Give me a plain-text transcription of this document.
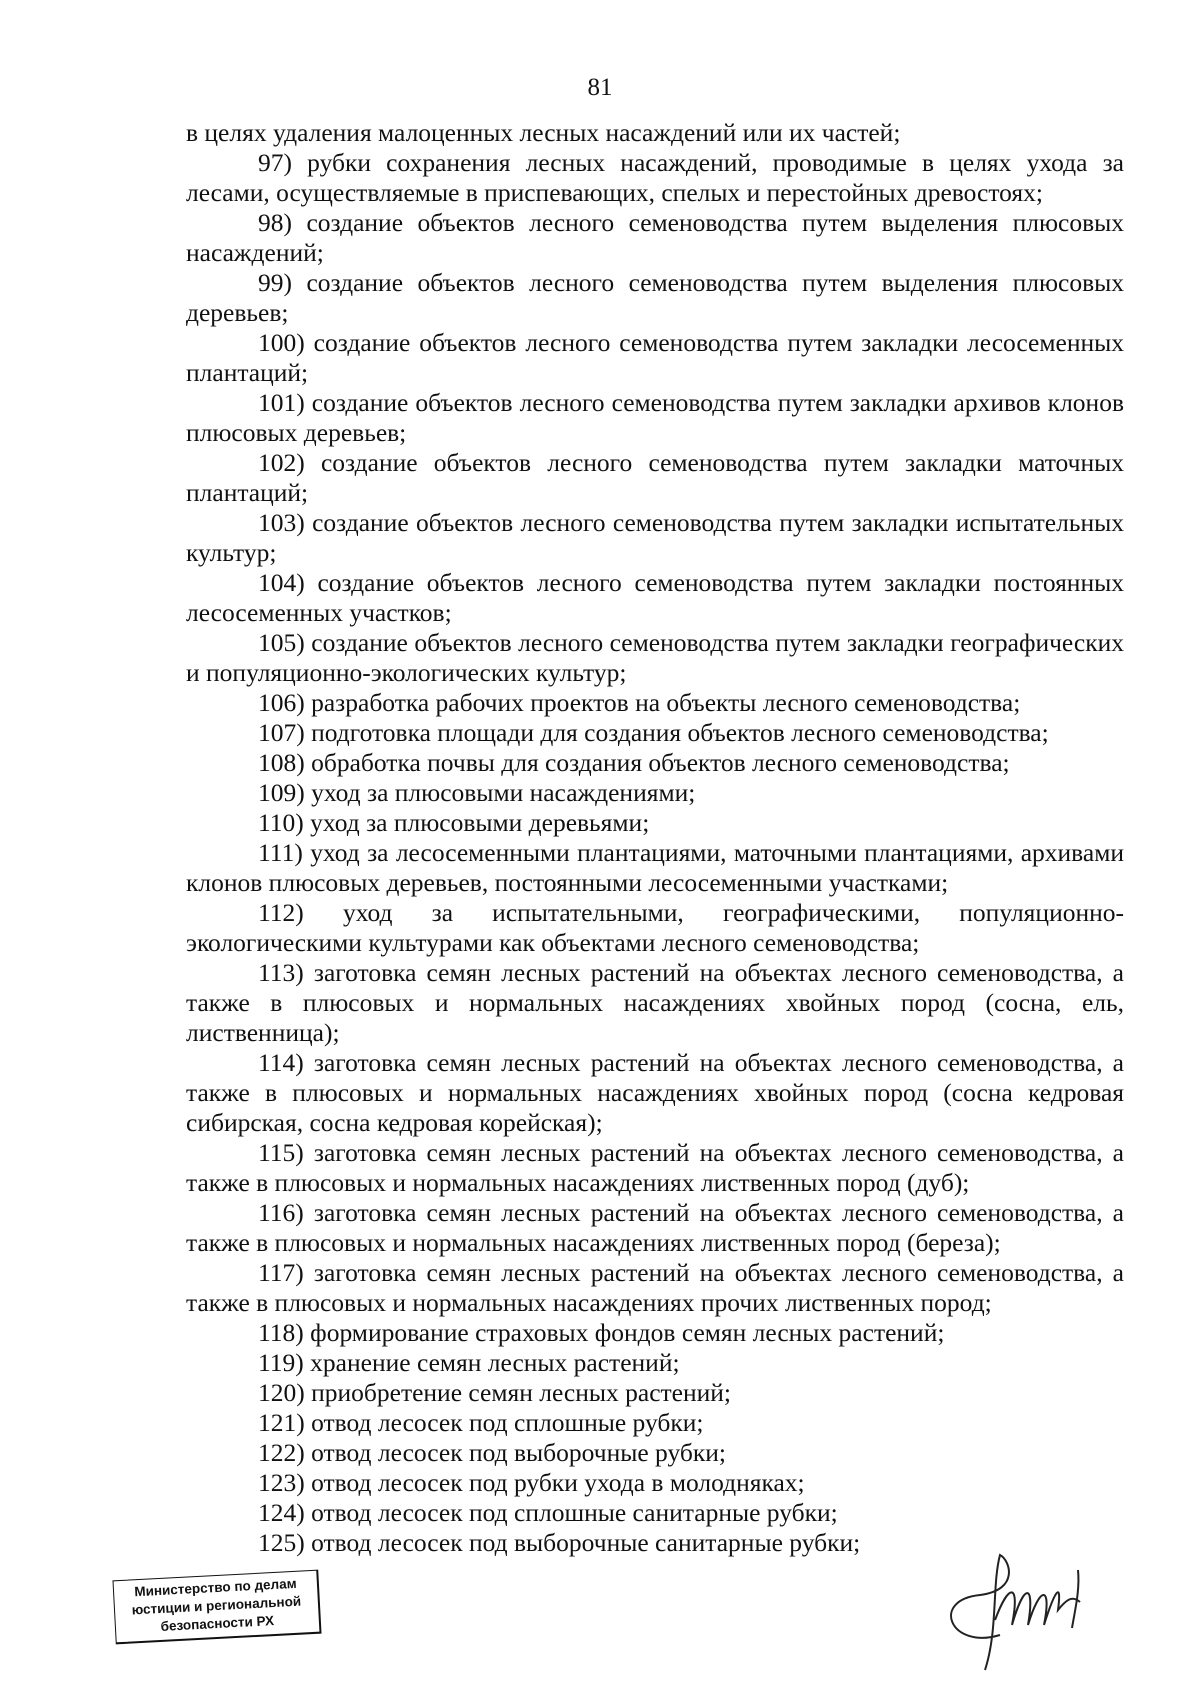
81

в целях удаления малоценных лесных насаждений или их частей;

97) рубки сохранения лесных насаждений, проводимые в целях ухода за лесами, осуществляемые в приспевающих, спелых и перестойных древостоях;

98) создание объектов лесного семеноводства путем выделения плюсовых насаждений;

99) создание объектов лесного семеноводства путем выделения плюсовых деревьев;

100) создание объектов лесного семеноводства путем закладки лесосеменных плантаций;

101) создание объектов лесного семеноводства путем закладки архивов клонов плюсовых деревьев;

102) создание объектов лесного семеноводства путем закладки маточных плантаций;

103) создание объектов лесного семеноводства путем закладки испытательных культур;

104) создание объектов лесного семеноводства путем закладки постоянных лесосеменных участков;

105) создание объектов лесного семеноводства путем закладки географических и популяционно-экологических культур;

106) разработка рабочих проектов на объекты лесного семеноводства;

107) подготовка площади для создания объектов лесного семеноводства;

108) обработка почвы для создания объектов лесного семеноводства;

109) уход за плюсовыми насаждениями;

110) уход за плюсовыми деревьями;

111) уход за лесосеменными плантациями, маточными плантациями, архивами клонов плюсовых деревьев, постоянными лесосеменными участками;

112) уход за испытательными, географическими, популяционно-экологическими культурами как объектами лесного семеноводства;

113) заготовка семян лесных растений на объектах лесного семеноводства, а также в плюсовых и нормальных насаждениях хвойных пород (сосна, ель, лиственница);

114) заготовка семян лесных растений на объектах лесного семеноводства, а также в плюсовых и нормальных насаждениях хвойных пород (сосна кедровая сибирская, сосна кедровая корейская);

115) заготовка семян лесных растений на объектах лесного семеноводства, а также в плюсовых и нормальных насаждениях лиственных пород (дуб);

116) заготовка семян лесных растений на объектах лесного семеноводства, а также в плюсовых и нормальных насаждениях лиственных пород (береза);

117) заготовка семян лесных растений на объектах лесного семеноводства, а также в плюсовых и нормальных насаждениях прочих лиственных пород;

118) формирование страховых фондов семян лесных растений;

119) хранение семян лесных растений;

120) приобретение семян лесных растений;

121) отвод лесосек под сплошные рубки;

122) отвод лесосек под выборочные рубки;

123) отвод лесосек под рубки ухода в молодняках;

124) отвод лесосек под сплошные санитарные рубки;

125) отвод лесосек под выборочные санитарные рубки;

Министерство по делам
юстиции и региональной
безопасности РХ
